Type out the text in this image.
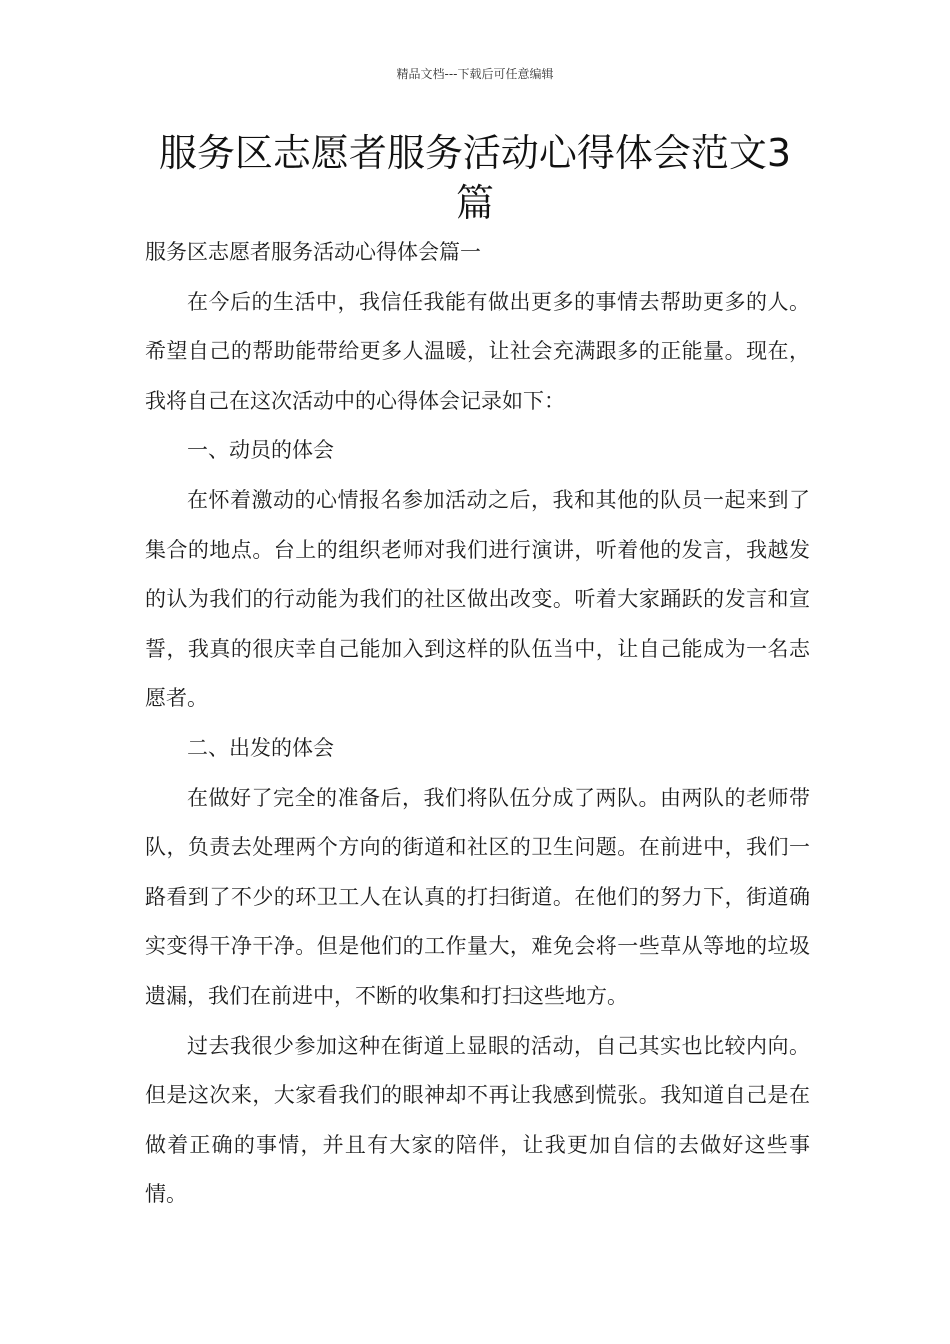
精品文档---下载后可任意编辑
服务区志愿者服务活动心得体会范文3篇

服务区志愿者服务活动心得体会篇一

在今后的生活中，我信任我能有做出更多的事情去帮助更多的人。希望自己的帮助能带给更多人温暖，让社会充满跟多的正能量。现在，我将自己在这次活动中的心得体会记录如下：

一、动员的体会

在怀着激动的心情报名参加活动之后，我和其他的队员一起来到了集合的地点。台上的组织老师对我们进行演讲，听着他的发言，我越发的认为我们的行动能为我们的社区做出改变。听着大家踊跃的发言和宣誓，我真的很庆幸自己能加入到这样的队伍当中，让自己能成为一名志愿者。

二、出发的体会

在做好了完全的准备后，我们将队伍分成了两队。由两队的老师带队，负责去处理两个方向的街道和社区的卫生问题。在前进中，我们一路看到了不少的环卫工人在认真的打扫街道。在他们的努力下，街道确实变得干净干净。但是他们的工作量大，难免会将一些草从等地的垃圾遗漏，我们在前进中，不断的收集和打扫这些地方。

过去我很少参加这种在街道上显眼的活动，自己其实也比较内向。但是这次来，大家看我们的眼神却不再让我感到慌张。我知道自己是在做着正确的事情，并且有大家的陪伴，让我更加自信的去做好这些事情。
